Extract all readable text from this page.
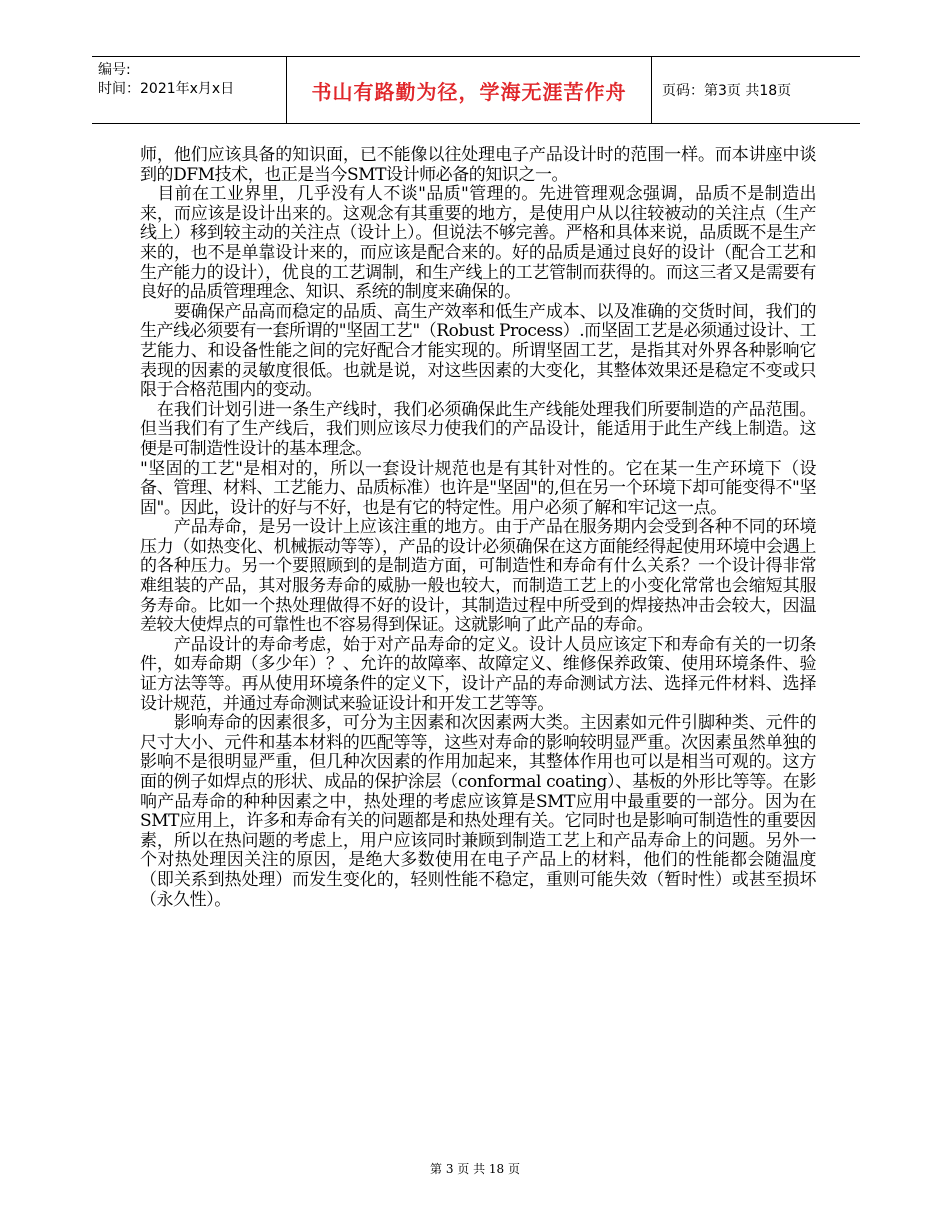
编号:
时间：2021年x月x日	书山有路勤为径，学海无涯苦作舟	页码：第3页 共18页

师，他们应该具备的知识面，已不能像以往处理电子产品设计时的范围一样。而本讲座中谈到的DFM技术，也正是当今SMT设计师必备的知识之一。

　目前在工业界里，几乎没有人不谈"品质"管理的。先进管理观念强调，品质不是制造出来，而应该是设计出来的。这观念有其重要的地方，是使用户从以往较被动的关注点（生产线上）移到较主动的关注点（设计上）。但说法不够完善。严格和具体来说，品质既不是生产来的，也不是单靠设计来的，而应该是配合来的。好的品质是通过良好的设计（配合工艺和生产能力的设计），优良的工艺调制，和生产线上的工艺管制而获得的。而这三者又是需要有良好的品质管理理念、知识、系统的制度来确保的。

　　要确保产品高而稳定的品质、高生产效率和低生产成本、以及准确的交货时间，我们的生产线必须要有一套所谓的"坚固工艺"（Robust Process）.而坚固工艺是必须通过设计、工艺能力、和设备性能之间的完好配合才能实现的。所谓坚固工艺，是指其对外界各种影响它表现的因素的灵敏度很低。也就是说，对这些因素的大变化，其整体效果还是稳定不变或只限于合格范围内的变动。

　在我们计划引进一条生产线时，我们必须确保此生产线能处理我们所要制造的产品范围。但当我们有了生产线后，我们则应该尽力使我们的产品设计，能适用于此生产线上制造。这便是可制造性设计的基本理念。

"坚固的工艺"是相对的，所以一套设计规范也是有其针对性的。它在某一生产环境下（设备、管理、材料、工艺能力、品质标准）也许是"坚固"的,但在另一个环境下却可能变得不"坚固"。因此，设计的好与不好，也是有它的特定性。用户必须了解和牢记这一点。

　　产品寿命，是另一设计上应该注重的地方。由于产品在服务期内会受到各种不同的环境压力（如热变化、机械振动等等），产品的设计必须确保在这方面能经得起使用环境中会遇上的各种压力。另一个要照顾到的是制造方面，可制造性和寿命有什么关系？一个设计得非常难组装的产品，其对服务寿命的威胁一般也较大，而制造工艺上的小变化常常也会缩短其服务寿命。比如一个热处理做得不好的设计，其制造过程中所受到的焊接热冲击会较大，因温差较大使焊点的可靠性也不容易得到保证。这就影响了此产品的寿命。

　　产品设计的寿命考虑，始于对产品寿命的定义。设计人员应该定下和寿命有关的一切条件，如寿命期（多少年）？、允许的故障率、故障定义、维修保养政策、使用环境条件、验证方法等等。再从使用环境条件的定义下，设计产品的寿命测试方法、选择元件材料、选择设计规范，并通过寿命测试来验证设计和开发工艺等等。

　　影响寿命的因素很多，可分为主因素和次因素两大类。主因素如元件引脚种类、元件的尺寸大小、元件和基本材料的匹配等等，这些对寿命的影响较明显严重。次因素虽然单独的影响不是很明显严重，但几种次因素的作用加起来，其整体作用也可以是相当可观的。这方面的例子如焊点的形状、成品的保护涂层（conformal coating）、基板的外形比等等。在影响产品寿命的种种因素之中，热处理的考虑应该算是SMT应用中最重要的一部分。因为在SMT应用上，许多和寿命有关的问题都是和热处理有关。它同时也是影响可制造性的重要因素，所以在热问题的考虑上，用户应该同时兼顾到制造工艺上和产品寿命上的问题。另外一个对热处理因关注的原因，是绝大多数使用在电子产品上的材料，他们的性能都会随温度（即关系到热处理）而发生变化的，轻则性能不稳定，重则可能失效（暂时性）或甚至损坏（永久性）。

第 3 页 共 18 页
